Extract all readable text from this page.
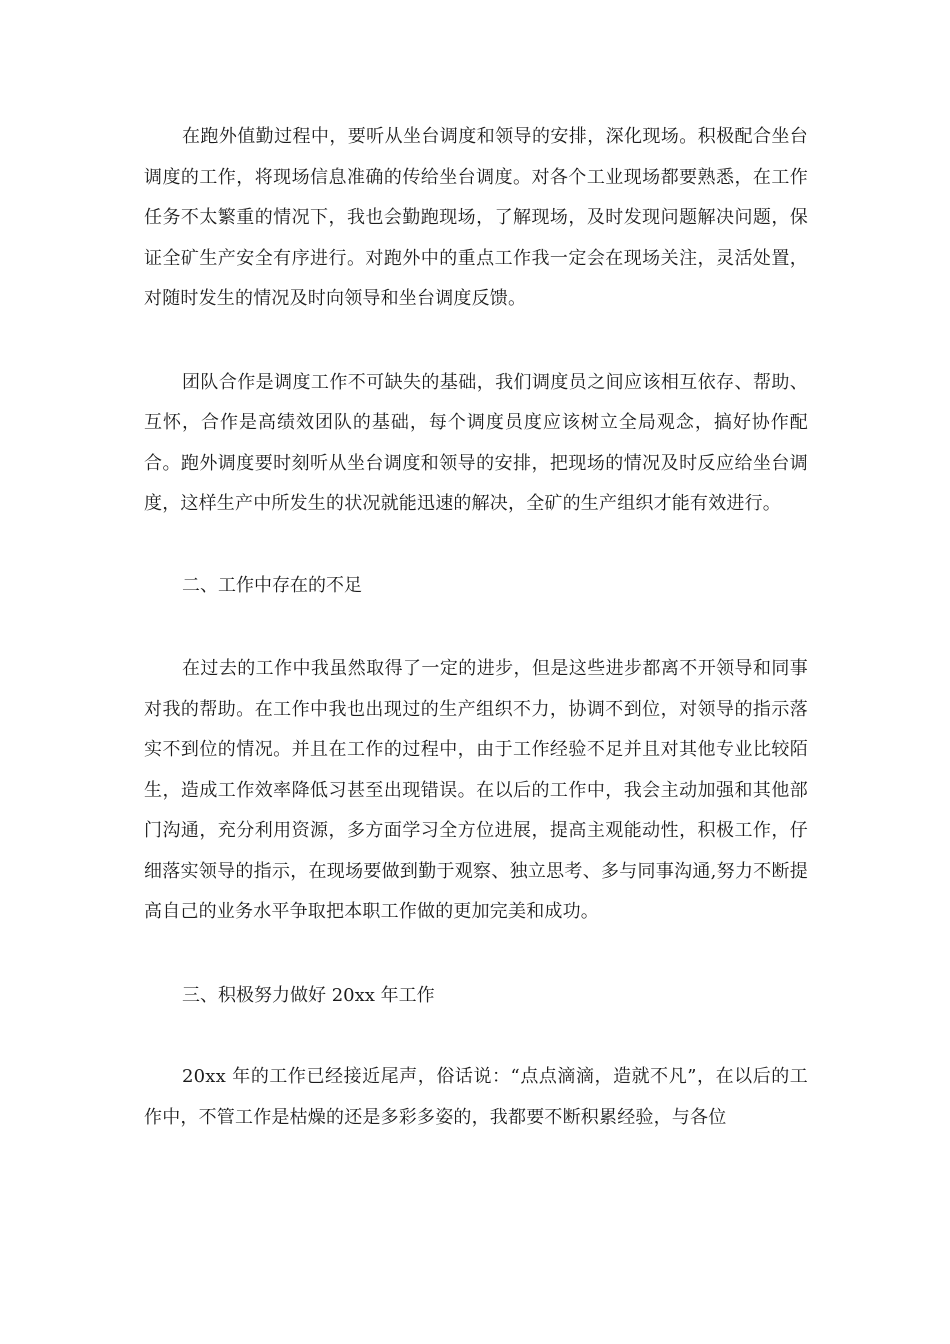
在跑外值勤过程中，要听从坐台调度和领导的安排，深化现场。积极配合坐台调度的工作，将现场信息准确的传给坐台调度。对各个工业现场都要熟悉，在工作任务不太繁重的情况下，我也会勤跑现场，了解现场，及时发现问题解决问题，保证全矿生产安全有序进行。对跑外中的重点工作我一定会在现场关注，灵活处置，对随时发生的情况及时向领导和坐台调度反馈。

团队合作是调度工作不可缺失的基础，我们调度员之间应该相互依存、帮助、互怀，合作是高绩效团队的基础，每个调度员度应该树立全局观念，搞好协作配合。跑外调度要时刻听从坐台调度和领导的安排，把现场的情况及时反应给坐台调度，这样生产中所发生的状况就能迅速的解决，全矿的生产组织才能有效进行。

二、工作中存在的不足

在过去的工作中我虽然取得了一定的进步，但是这些进步都离不开领导和同事对我的帮助。在工作中我也出现过的生产组织不力，协调不到位，对领导的指示落实不到位的情况。并且在工作的过程中，由于工作经验不足并且对其他专业比较陌生，造成工作效率降低习甚至出现错误。在以后的工作中，我会主动加强和其他部门沟通，充分利用资源，多方面学习全方位进展，提高主观能动性，积极工作，仔细落实领导的指示，在现场要做到勤于观察、独立思考、多与同事沟通,努力不断提高自己的业务水平争取把本职工作做的更加完美和成功。

三、积极努力做好 20xx 年工作

20xx 年的工作已经接近尾声，俗话说：“点点滴滴，造就不凡”，在以后的工作中，不管工作是枯燥的还是多彩多姿的，我都要不断积累经验，与各位
